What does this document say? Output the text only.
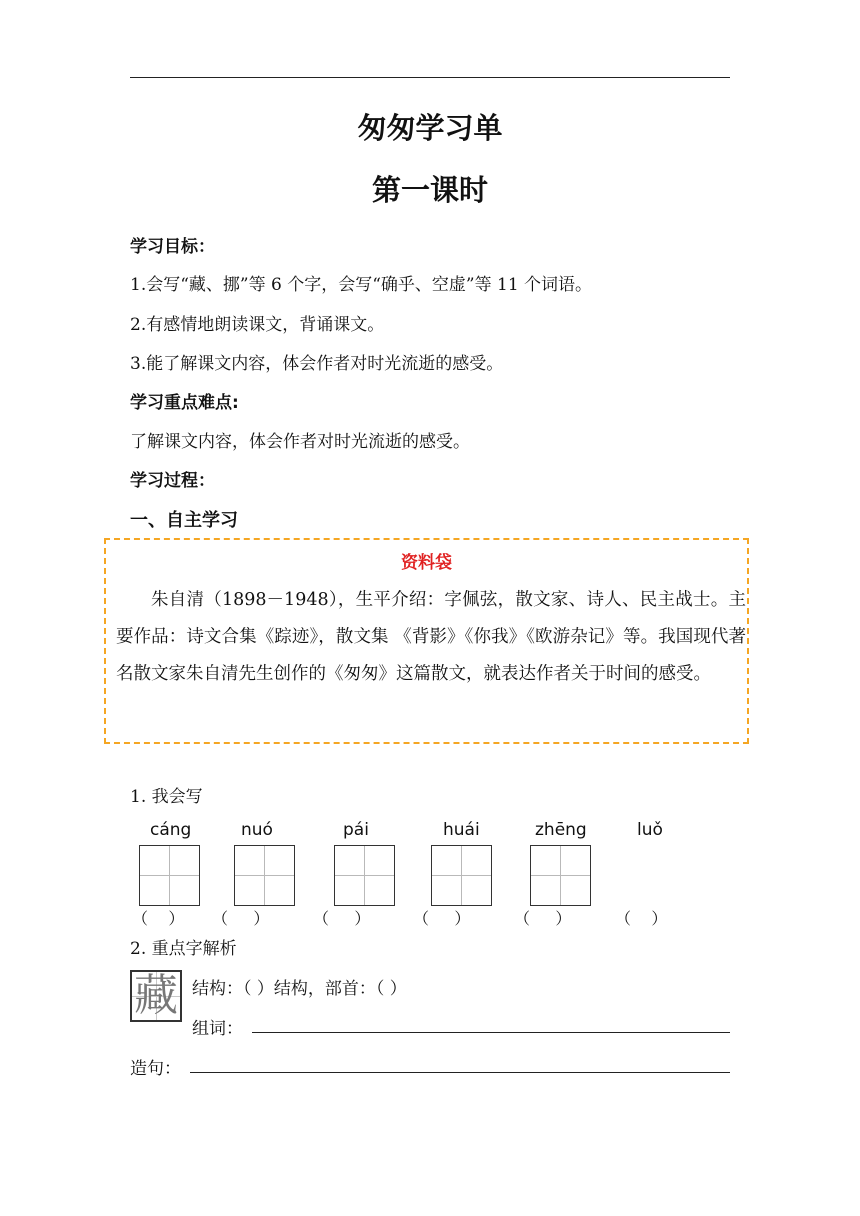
匆匆学习单
第一课时
学习目标：
1.会写“藏、挪”等 6 个字，会写“确乎、空虚”等 11 个词语。
2.有感情地朗读课文，背诵课文。
3.能了解课文内容，体会作者对时光流逝的感受。
学习重点难点:
了解课文内容，体会作者对时光流逝的感受。
学习过程：
一、自主学习
资料袋

朱自清（1898－1948），生平介绍：字佩弦，散文家、诗人、民主战士。主要作品：诗文合集《踪迹》，散文集 《背影》《你我》《欧游杂记》等。我国现代著名散文家朱自清先生创作的《匆匆》这篇散文，就表达作者关于时间的感受。

1. 我会写
cáng	nuó	pái	huái	zhēng	luǒ
（    ） （     ）	（     ）	（     ）	（     ）	（    ）
2. 重点字解析
藏 结构：（ ）结构，部首：（ ）
组词：
造句：
